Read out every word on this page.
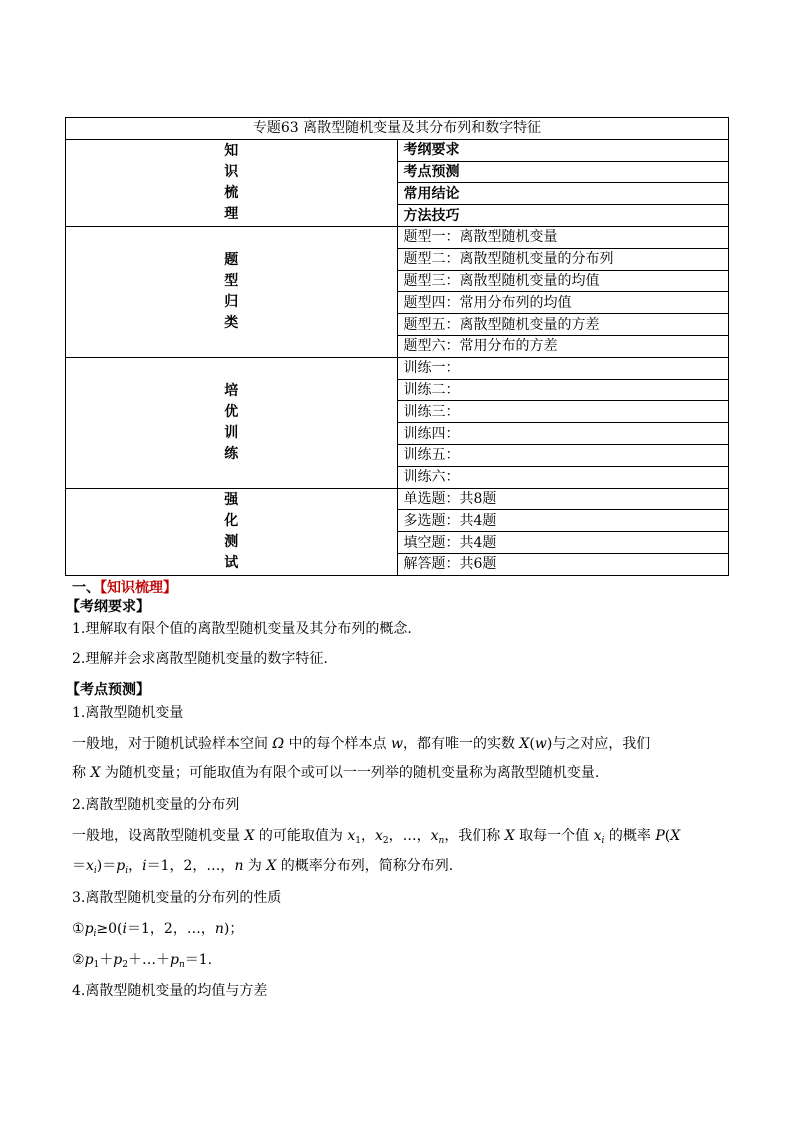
专题63 离散型随机变量及其分布列和数字特征	

知
识
梳
理	考纲要求
	考点预测
	常用结论
	方法技巧

题
型
归
类	题型一：离散型随机变量
	题型二：离散型随机变量的分布列
	题型三：离散型随机变量的均值
	题型四：常用分布列的均值
	题型五：离散型随机变量的方差
	题型六：常用分布的方差

培
优
训
练	训练一：
	训练二：
	训练三：
	训练四：
	训练五：
	训练六：

强
化
测
试	单选题：共8题
	多选题：共4题
	填空题：共4题
	解答题：共6题
一、【知识梳理】
【考纲要求】
1.理解取有限个值的离散型随机变量及其分布列的概念.
2.理解并会求离散型随机变量的数字特征.
【考点预测】
1.离散型随机变量
一般地，对于随机试验样本空间 Ω 中的每个样本点 w，都有唯一的实数 X(w)与之对应，我们
称 X 为随机变量；可能取值为有限个或可以一一列举的随机变量称为离散型随机变量.
2.离散型随机变量的分布列
一般地，设离散型随机变量 X 的可能取值为 $x_1$，$x_2$，…，$x_n$，我们称 X 取每一个值 $x_i$ 的概率 P(X
$=x_i)=p_i$，i＝1，2，…，n 为 X 的概率分布列，简称分布列.
3.离散型随机变量的分布列的性质
$①p_i\ge 0(i=1$，2，…，n)；
$②p_1+p_2+\dots+p_n=1$.
4.离散型随机变量的均值与方差
